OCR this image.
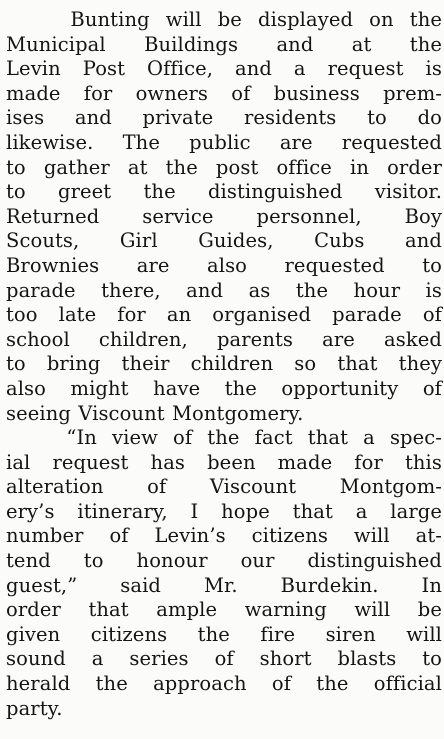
Bunting will be displayed on the
Municipal Buildings and at the
Levin Post Office, and a request is
made for owners of business prem-
ises and private residents to do
likewise. The public are requested
to gather at the post office in order
to greet the distinguished visitor.
Returned service personnel, Boy
Scouts, Girl Guides, Cubs and
Brownies are also requested to
parade there, and as the hour is
too late for an organised parade of
school children, parents are asked
to bring their children so that they
also might have the opportunity of
seeing Viscount Montgomery.
“In view of the fact that a spec-
ial request has been made for this
alteration of Viscount Montgom-
ery’s itinerary, I hope that a large
number of Levin’s citizens will at-
tend to honour our distinguished
guest,” said Mr. Burdekin. In
order that ample warning will be
given citizens the fire siren will
sound a series of short blasts to
herald the approach of the official
party.
